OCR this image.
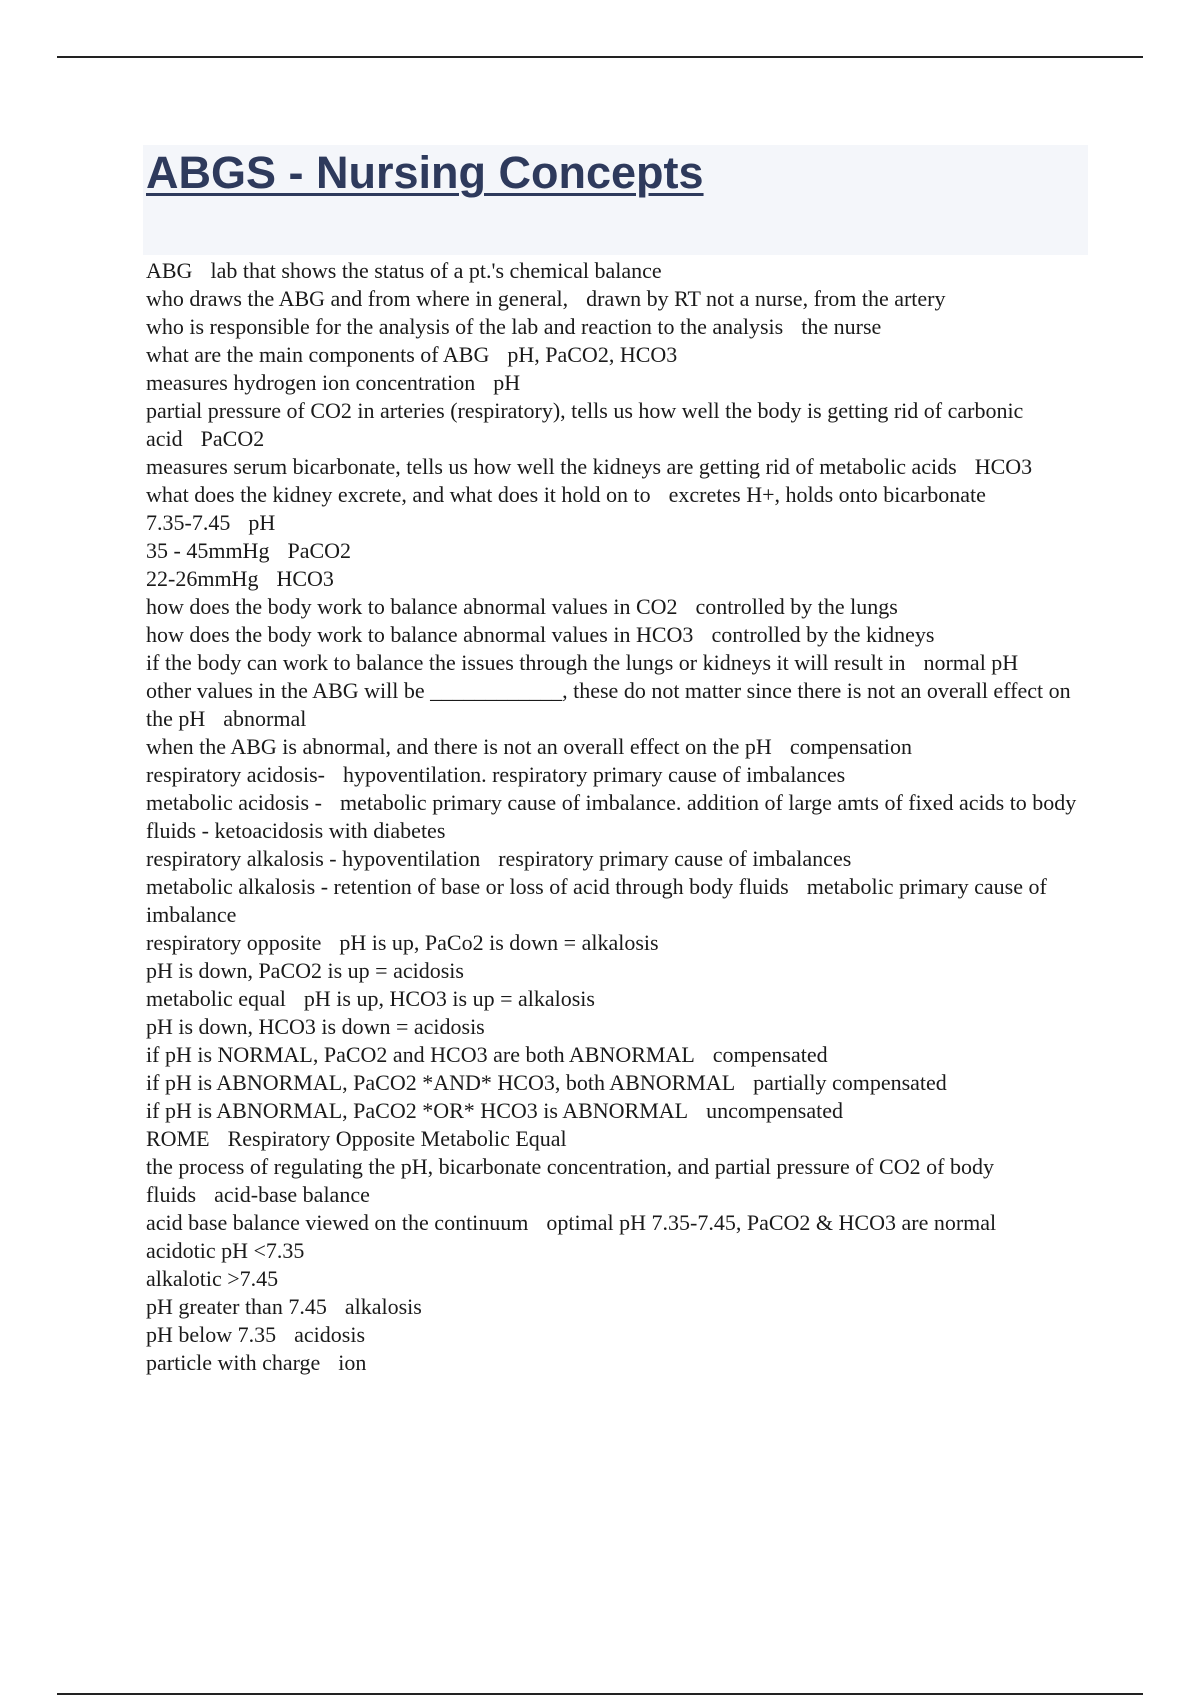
ABGS - Nursing Concepts

ABG lab that shows the status of a pt.'s chemical balance

who draws the ABG and from where in general, drawn by RT not a nurse, from the artery

who is responsible for the analysis of the lab and reaction to the analysis the nurse

what are the main components of ABG pH, PaCO2, HCO3

measures hydrogen ion concentration pH

partial pressure of CO2 in arteries (respiratory), tells us how well the body is getting rid of carbonic acid PaCO2

measures serum bicarbonate, tells us how well the kidneys are getting rid of metabolic acids HCO3

what does the kidney excrete, and what does it hold on to excretes H+, holds onto bicarbonate

7.35-7.45 pH

35 - 45mmHg PaCO2

22-26mmHg HCO3

how does the body work to balance abnormal values in CO2 controlled by the lungs

how does the body work to balance abnormal values in HCO3 controlled by the kidneys

if the body can work to balance the issues through the lungs or kidneys it will result in normal pH

other values in the ABG will be ____________, these do not matter since there is not an overall effect on the pH abnormal

when the ABG is abnormal, and there is not an overall effect on the pH compensation

respiratory acidosis- hypoventilation. respiratory primary cause of imbalances

metabolic acidosis - metabolic primary cause of imbalance. addition of large amts of fixed acids to body fluids - ketoacidosis with diabetes

respiratory alkalosis - hypoventilation respiratory primary cause of imbalances

metabolic alkalosis - retention of base or loss of acid through body fluids metabolic primary cause of imbalance

respiratory opposite pH is up, PaCo2 is down = alkalosis

pH is down, PaCO2 is up = acidosis

metabolic equal pH is up, HCO3 is up = alkalosis

pH is down, HCO3 is down = acidosis

if pH is NORMAL, PaCO2 and HCO3 are both ABNORMAL compensated

if pH is ABNORMAL, PaCO2 *AND* HCO3, both ABNORMAL partially compensated

if pH is ABNORMAL, PaCO2 *OR* HCO3 is ABNORMAL uncompensated

ROME Respiratory Opposite Metabolic Equal

the process of regulating the pH, bicarbonate concentration, and partial pressure of CO2 of body fluids acid-base balance

acid base balance viewed on the continuum optimal pH 7.35-7.45, PaCO2 & HCO3 are normal

acidotic pH <7.35

alkalotic >7.45

pH greater than 7.45 alkalosis

pH below 7.35 acidosis

particle with charge ion
